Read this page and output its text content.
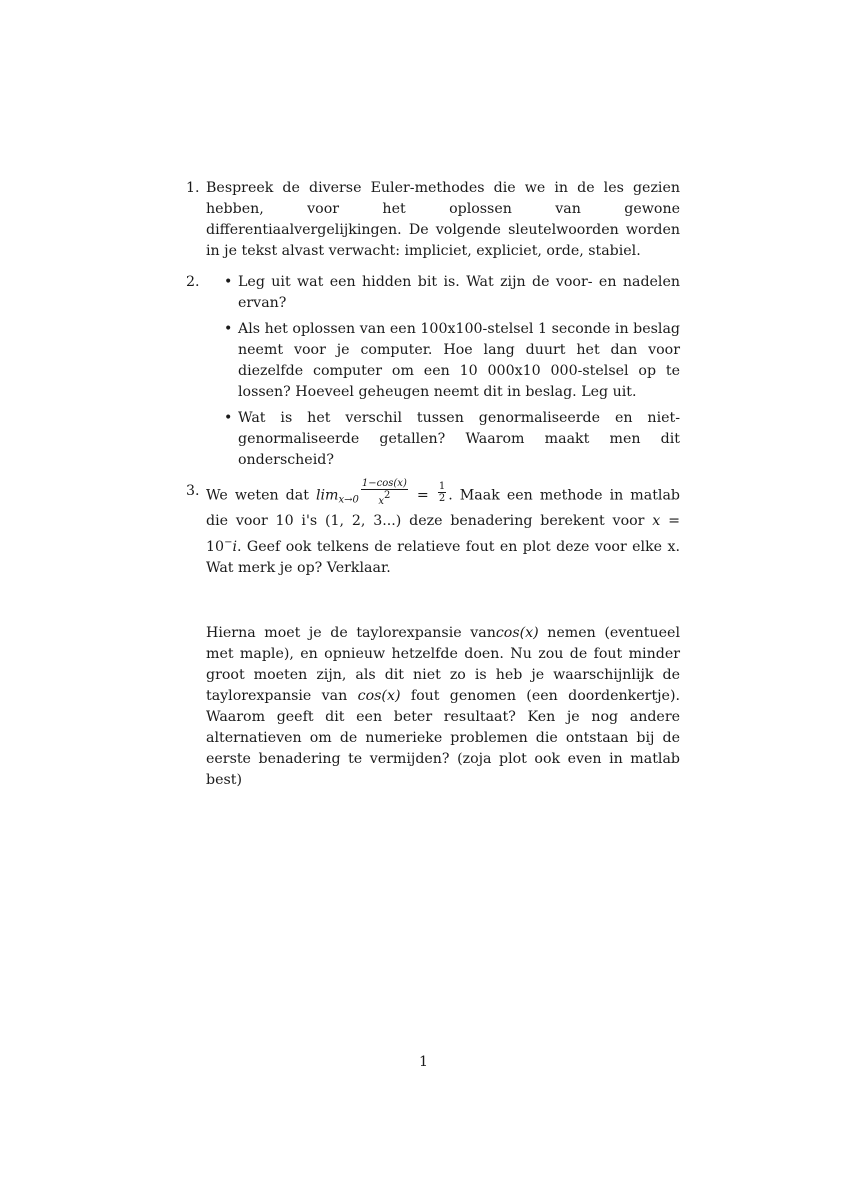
1. Bespreek de diverse Euler-methodes die we in de les gezien hebben, voor het oplossen van gewone differentiaalvergelijkingen. De volgende sleutelwoorden worden in je tekst alvast verwacht: impliciet, expliciet, orde, stabiel.
2. • Leg uit wat een hidden bit is. Wat zijn de voor- en nadelen ervan?
• Als het oplossen van een 100x100-stelsel 1 seconde in beslag neemt voor je computer. Hoe lang duurt het dan voor diezelfde computer om een 10 000x10 000-stelsel op te lossen? Hoeveel geheugen neemt dit in beslag. Leg uit.
• Wat is het verschil tussen genormaliseerde en niet-genormaliseerde getallen? Waarom maakt men dit onderscheid?
3. We weten dat $\lim_{x\to 0} \frac{1-\cos(x)}{x2} = \frac{1}{2}$ . Maak een methode in matlab die voor 10 i's (1, 2, 3...) deze benadering berekent voor x = 10−i. Geef ook telkens de relatieve fout en plot deze voor elke x. Wat merk je op? Verklaar.
Hierna moet je de taylorexpansie vancos(x) nemen (eventueel met maple), en opnieuw hetzelfde doen. Nu zou de fout minder groot moeten zijn, als dit niet zo is heb je waarschijnlijk de taylorexpansie van cos(x) fout genomen (een doordenkertje). Waarom geeft dit een beter resultaat? Ken je nog andere alternatieven om de numerieke problemen die ontstaan bij de eerste benadering te vermijden? (zoja plot ook even in matlab best)
1
